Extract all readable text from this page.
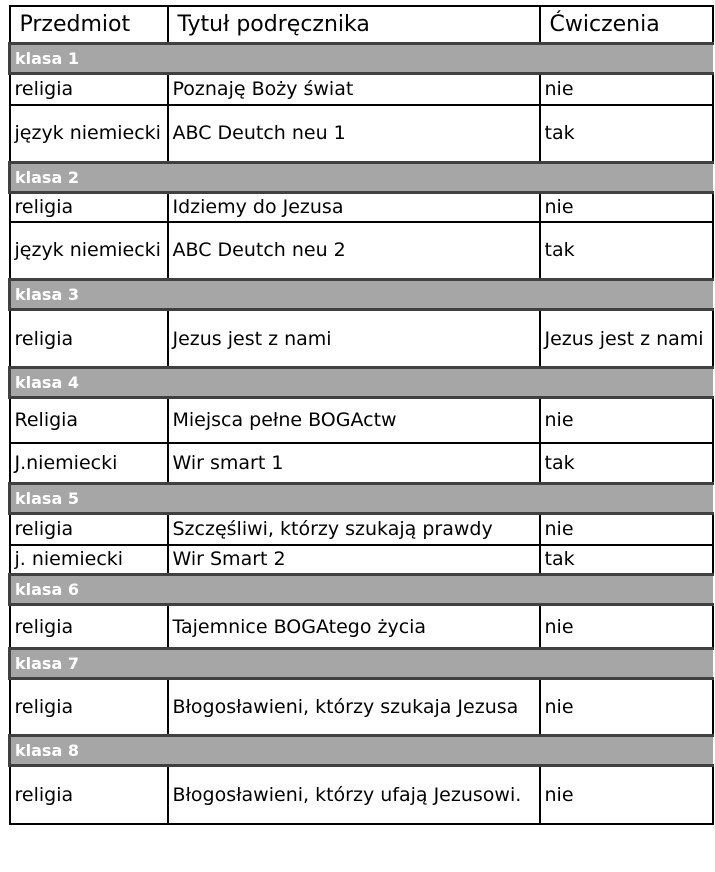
Przedmiot	Tytuł podręcznika	Ćwiczenia
klasa 1		
religia	Poznaję Boży świat	nie
język niemiecki	ABC Deutch neu 1	tak
klasa 2		
religia	Idziemy do Jezusa	nie
język niemiecki	ABC Deutch neu 2	tak
klasa 3		
religia	Jezus jest z nami	Jezus jest z nami
klasa 4		
Religia	Miejsca pełne BOGActw	nie
J.niemiecki	Wir smart 1	tak
klasa 5		
religia	Szczęśliwi, którzy szukają prawdy	nie
j. niemiecki	Wir Smart 2	tak
klasa 6		
religia	Tajemnice BOGAtego życia	nie
klasa 7		
religia	Błogosławieni, którzy szukaja Jezusa	nie
klasa 8		
religia	Błogosławieni, którzy ufają Jezusowi.	nie
